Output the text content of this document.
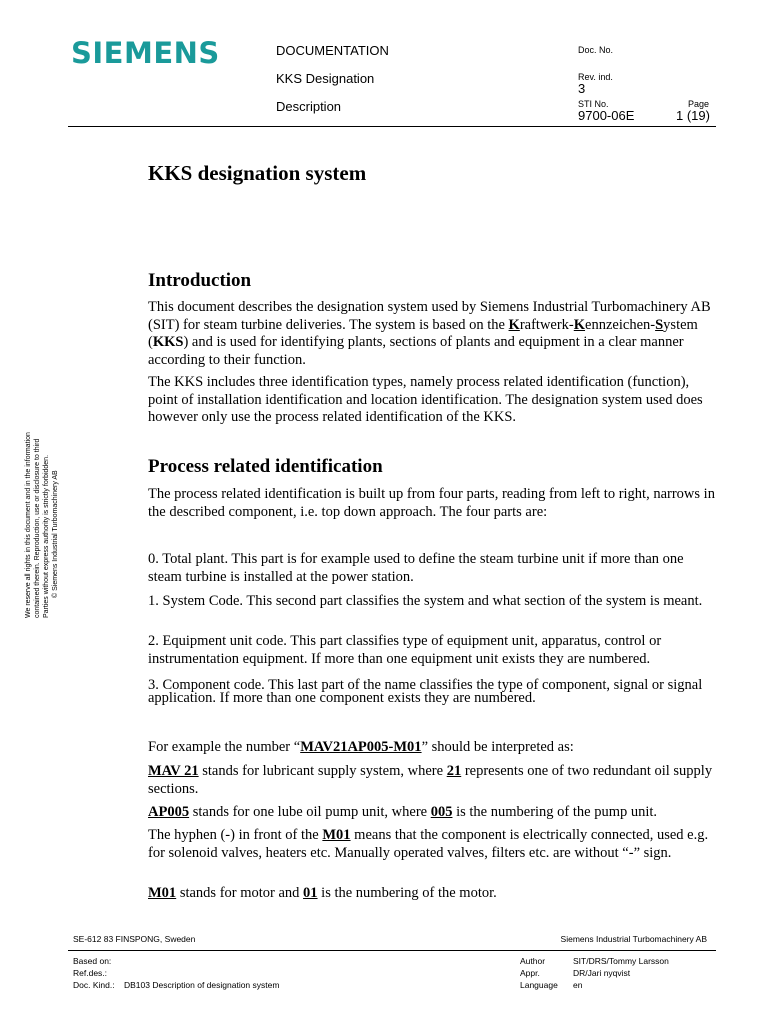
SIEMENS	DOCUMENTATION
KKS Designation
Description
Doc. No.
Rev. ind.
3
STI No.
9700-06E
Page
1 (19)
We reserve all rights in this document and in the information contained therein. Reproduction, use or disclosure to third Parties without express authority is strictly forbidden. © Siemens Industrial Turbomachinery AB
KKS designation system
Introduction

This document describes the designation system used by Siemens Industrial Turbomachinery AB (SIT) for steam turbine deliveries. The system is based on the Kraftwerk-Kennzeichen-System (KKS) and is used for identifying plants, sections of plants and equipment in a clear manner according to their function.

The KKS includes three identification types, namely process related identification (function), point of installation identification and location identification. The designation system used does however only use the process related identification of the KKS.

Process related identification

The process related identification is built up from four parts, reading from left to right, narrows in the described component, i.e. top down approach. The four parts are:

0. Total plant. This part is for example used to define the steam turbine unit if more than one steam turbine is installed at the power station.

1. System Code. This second part classifies the system and what section of the system is meant.

2. Equipment unit code. This part classifies type of equipment unit, apparatus, control or instrumentation equipment. If more than one equipment unit exists they are numbered.

3. Component code. This last part of the name classifies the type of component, signal or signal application. If more than one component exists they are numbered.

For example the number “MAV21AP005-M01” should be interpreted as:

MAV 21 stands for lubricant supply system, where 21 represents one of two redundant oil supply sections.

AP005 stands for one lube oil pump unit, where 005 is the numbering of the pump unit.

The hyphen (-) in front of the M01 means that the component is electrically connected, used e.g. for solenoid valves, heaters etc. Manually operated valves, filters etc. are without “-” sign.

M01 stands for motor and 01 is the numbering of the motor.

SE-612 83 FINSPONG, Sweden	Siemens Industrial Turbomachinery AB
Based on:
Ref.des.:
Doc. Kind.: DB103 Description of designation system
Author	SIT/DRS/Tommy Larsson
Appr.	DR/Jari nyqvist
Language en
